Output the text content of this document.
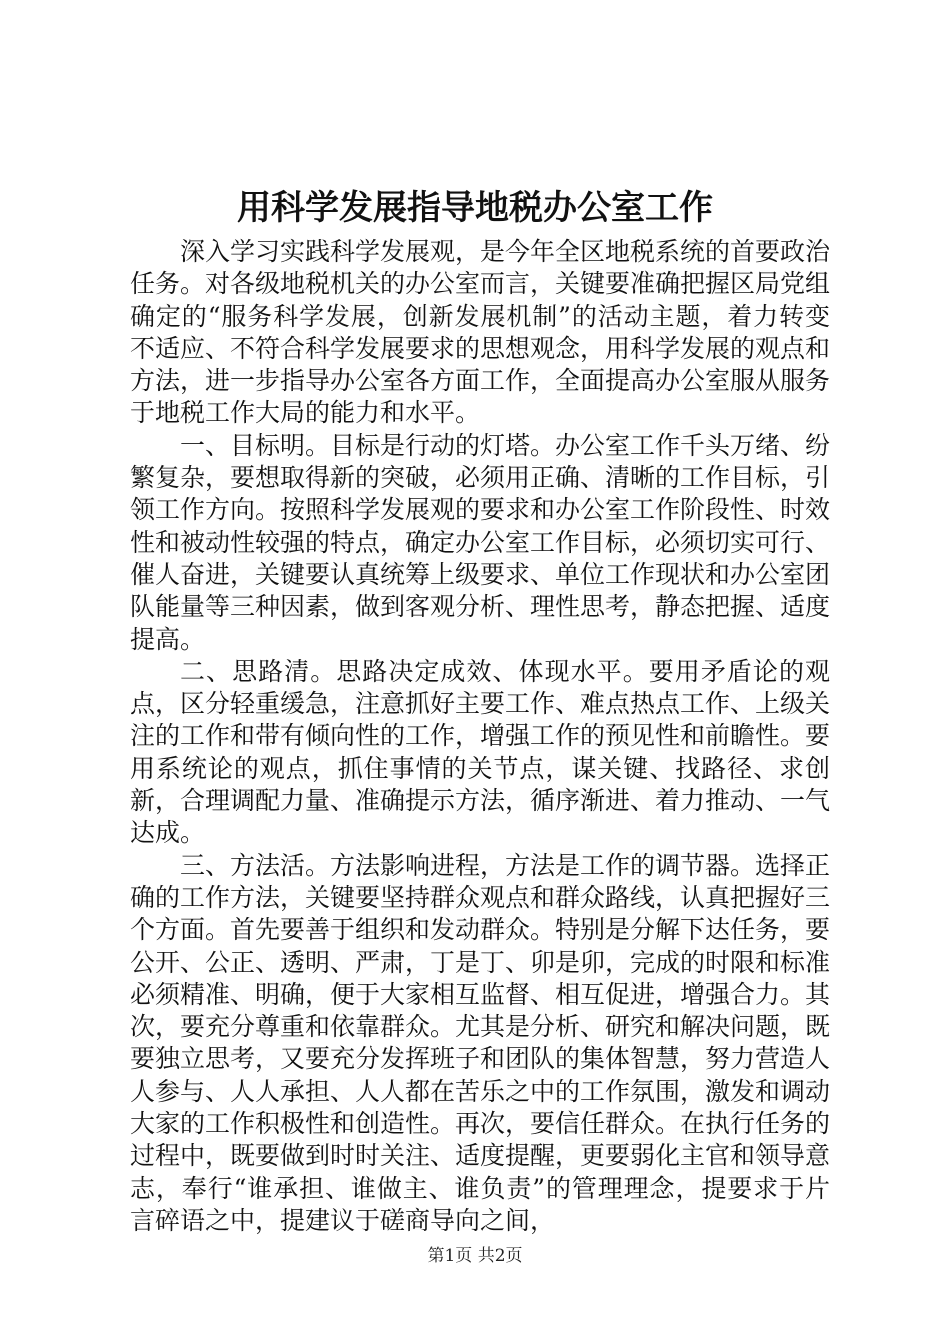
用科学发展指导地税办公室工作

深入学习实践科学发展观，是今年全区地税系统的首要政治任务。对各级地税机关的办公室而言，关键要准确把握区局党组确定的“服务科学发展，创新发展机制”的活动主题，着力转变不适应、不符合科学发展要求的思想观念，用科学发展的观点和方法，进一步指导办公室各方面工作，全面提高办公室服从服务于地税工作大局的能力和水平。

一、目标明。目标是行动的灯塔。办公室工作千头万绪、纷繁复杂，要想取得新的突破，必须用正确、清晰的工作目标，引领工作方向。按照科学发展观的要求和办公室工作阶段性、时效性和被动性较强的特点，确定办公室工作目标，必须切实可行、催人奋进，关键要认真统筹上级要求、单位工作现状和办公室团队能量等三种因素，做到客观分析、理性思考，静态把握、适度提高。

二、思路清。思路决定成效、体现水平。要用矛盾论的观点，区分轻重缓急，注意抓好主要工作、难点热点工作、上级关注的工作和带有倾向性的工作，增强工作的预见性和前瞻性。要用系统论的观点，抓住事情的关节点，谋关键、找路径、求创新，合理调配力量、准确提示方法，循序渐进、着力推动、一气达成。

三、方法活。方法影响进程，方法是工作的调节器。选择正确的工作方法，关键要坚持群众观点和群众路线，认真把握好三个方面。首先要善于组织和发动群众。特别是分解下达任务，要公开、公正、透明、严肃，丁是丁、卯是卯，完成的时限和标准必须精准、明确，便于大家相互监督、相互促进，增强合力。其次，要充分尊重和依靠群众。尤其是分析、研究和解决问题，既要独立思考，又要充分发挥班子和团队的集体智慧，努力营造人人参与、人人承担、人人都在苦乐之中的工作氛围，激发和调动大家的工作积极性和创造性。再次，要信任群众。在执行任务的过程中，既要做到时时关注、适度提醒，更要弱化主官和领导意志，奉行“谁承担、谁做主、谁负责”的管理理念，提要求于片言碎语之中，提建议于磋商导向之间，

第1页 共2页
